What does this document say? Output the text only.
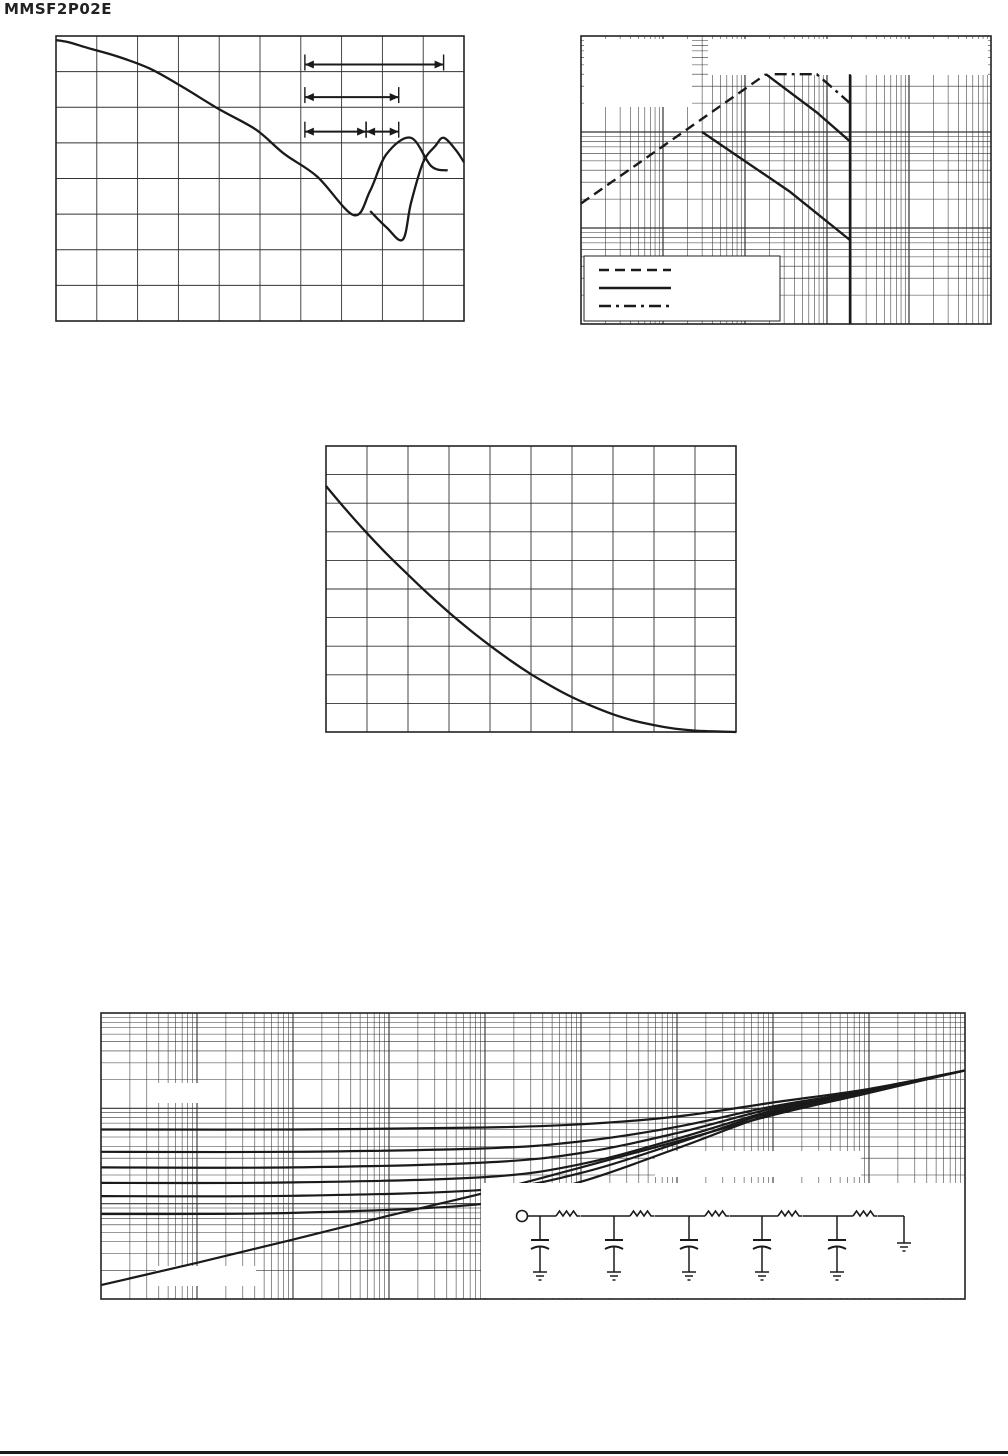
MMSF2P02E
